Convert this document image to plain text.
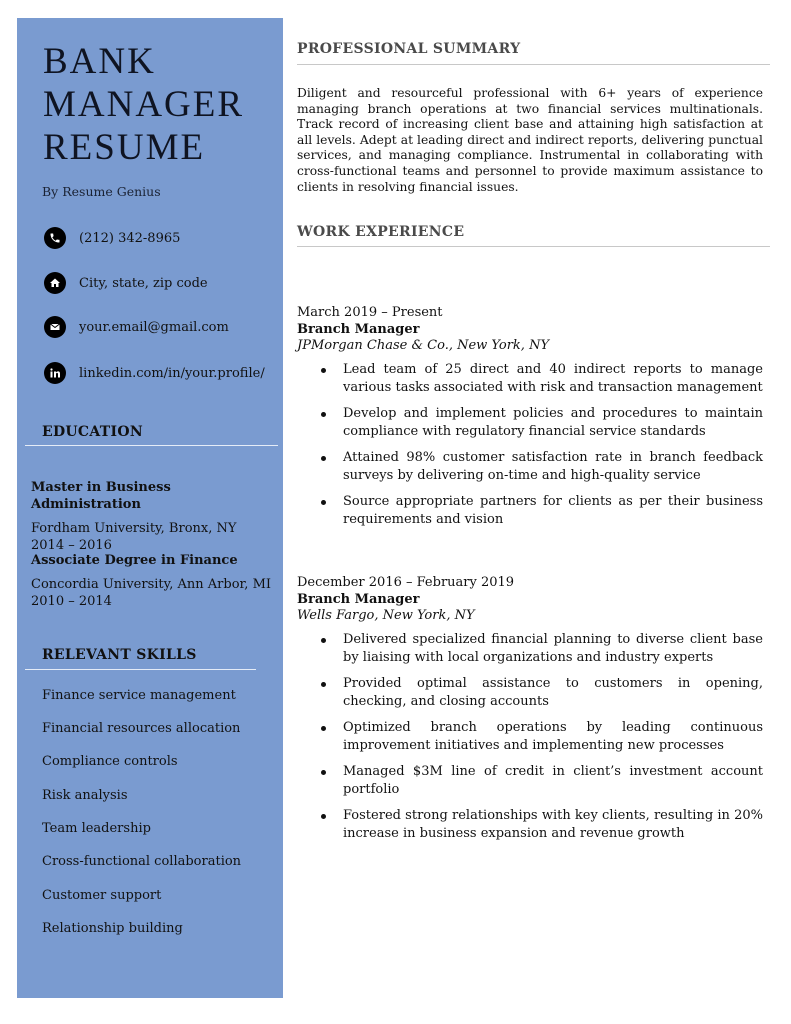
BANK
MANAGER
RESUME
By Resume Genius
(212) 342-8965
City, state, zip code
your.email@gmail.com
linkedin.com/in/your.profile/
EDUCATION
Master in Business Administration
Fordham University, Bronx, NY
2014 – 2016
Associate Degree in Finance
Concordia University, Ann Arbor, MI
2010 – 2014
RELEVANT SKILLS
Finance service management
Financial resources allocation
Compliance controls
Risk analysis
Team leadership
Cross-functional collaboration
Customer support
Relationship building
PROFESSIONAL SUMMARY

Diligent and resourceful professional with 6+ years of experience managing branch operations at two financial services multinationals. Track record of increasing client base and attaining high satisfaction at all levels. Adept at leading direct and indirect reports, delivering punctual services, and managing compliance. Instrumental in collaborating with cross-functional teams and personnel to provide maximum assistance to clients in resolving financial issues.

WORK EXPERIENCE
March 2019 – Present
Branch Manager
JPMorgan Chase & Co., New York, NY
Lead team of 25 direct and 40 indirect reports to manage various tasks associated with risk and transaction management
Develop and implement policies and procedures to maintain compliance with regulatory financial service standards
Attained 98% customer satisfaction rate in branch feedback surveys by delivering on-time and high-quality service
Source appropriate partners for clients as per their business requirements and vision
December 2016 – February 2019
Branch Manager
Wells Fargo, New York, NY
Delivered specialized financial planning to diverse client base by liaising with local organizations and industry experts
Provided optimal assistance to customers in opening, checking, and closing accounts
Optimized branch operations by leading continuous improvement initiatives and implementing new processes
Managed $3M line of credit in client’s investment account portfolio
Fostered strong relationships with key clients, resulting in 20% increase in business expansion and revenue growth
